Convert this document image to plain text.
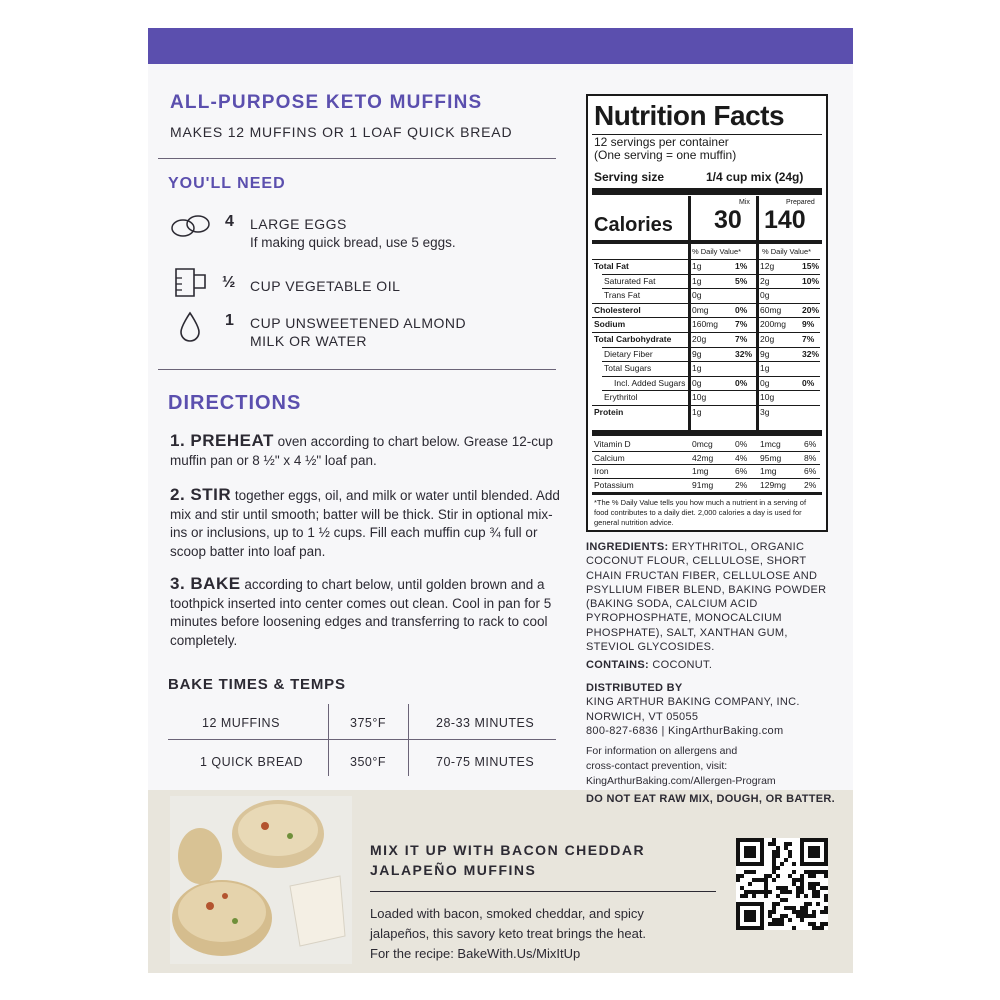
ALL-PURPOSE KETO MUFFINS
MAKES 12 MUFFINS OR 1 LOAF QUICK BREAD
YOU'LL NEED
4 LARGE EGGS
If making quick bread, use 5 eggs.
½ CUP VEGETABLE OIL
1 CUP UNSWEETENED ALMOND MILK OR WATER
DIRECTIONS
1. PREHEAT oven according to chart below. Grease 12-cup muffin pan or 8 ½" x 4 ½" loaf pan.
2. STIR together eggs, oil, and milk or water until blended. Add mix and stir until smooth; batter will be thick. Stir in optional mix-ins or inclusions, up to 1 ½ cups. Fill each muffin cup ¾ full or scoop batter into loaf pan.
3. BAKE according to chart below, until golden brown and a toothpick inserted into center comes out clean. Cool in pan for 5 minutes before loosening edges and transferring to rack to cool completely.
BAKE TIMES & TEMPS
12 MUFFINS	375°F	28-33 MINUTES
1 QUICK BREAD	350°F	70-75 MINUTES
Nutrition Facts
12 servings per container
(One serving = one muffin)
Serving size	1/4 cup mix (24g)
Mix	Prepared
Calories 30 140
% Daily Value*	% Daily Value*
*The % Daily Value tells you how much a nutrient in a serving of food contributes to a daily diet. 2,000 calories a day is used for general nutrition advice.
Total Fat	1g	1% 12g	15%
Saturated Fat	1g	5% 2g	10%
Trans Fat	0g	0g
Cholesterol	0mg	0% 60mg 20%
Sodium	160mg 7% 200mg 9%
Total Carbohydrate 20g	7% 20g	7%
Dietary Fiber	9g	32% 9g	32%
Total Sugars	1g	1g
Incl. Added Sugars 0g	0% 0g	0%
Erythritol	10g	10g
Protein	1g	3g
Vitamin D	0mcg	0% 1mcg	6%
Calcium	42mg	4% 95mg	8%
Iron	1mg	6% 1mg	6%
Potassium	91mg	2% 129mg 2%
INGREDIENTS: ERYTHRITOL, ORGANIC COCONUT FLOUR, CELLULOSE, SHORT CHAIN FRUCTAN FIBER, CELLULOSE AND PSYLLIUM FIBER BLEND, BAKING POWDER (BAKING SODA, CALCIUM ACID PYROPHOSPHATE, MONOCALCIUM PHOSPHATE), SALT, XANTHAN GUM, STEVIOL GLYCOSIDES.
CONTAINS: COCONUT.
DISTRIBUTED BY
KING ARTHUR BAKING COMPANY, INC.
NORWICH, VT 05055
800-827-6836 | KingArthurBaking.com
For information on allergens and
cross-contact prevention, visit:
KingArthurBaking.com/Allergen-Program
DO NOT EAT RAW MIX, DOUGH, OR BATTER.
MIX IT UP WITH BACON CHEDDAR
JALAPEÑO MUFFINS
Loaded with bacon, smoked cheddar, and spicy
jalapeños, this savory keto treat brings the heat.
For the recipe: BakeWith.Us/MixItUp
